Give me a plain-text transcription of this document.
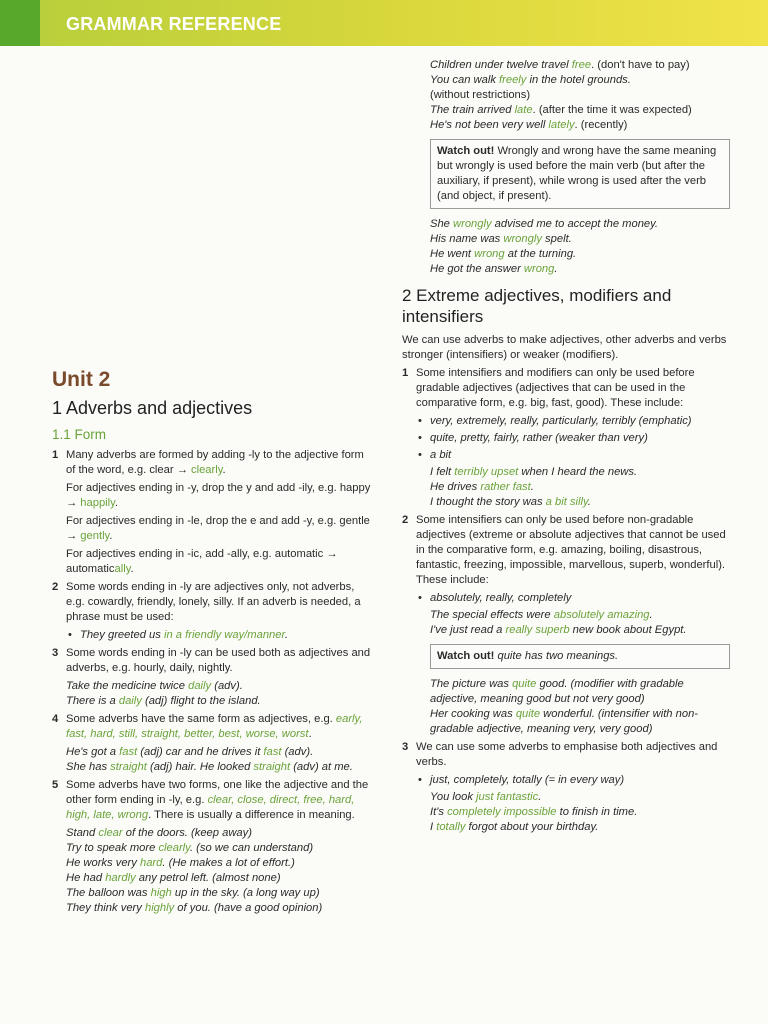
GRAMMAR REFERENCE
Unit 2
1 Adverbs and adjectives
1.1 Form
1 Many adverbs are formed by adding -ly to the adjective form of the word, e.g. clear → clearly.
For adjectives ending in -y, drop the y and add -ily, e.g. happy → happily.
For adjectives ending in -le, drop the e and add -y, e.g. gentle → gently.
For adjectives ending in -ic, add -ally, e.g. automatic → automatically.
2 Some words ending in -ly are adjectives only, not adverbs, e.g. cowardly, friendly, lonely, silly. If an adverb is needed, a phrase must be used:
• They greeted us in a friendly way/manner.
3 Some words ending in -ly can be used both as adjectives and adverbs, e.g. hourly, daily, nightly.
Take the medicine twice daily (adv).
There is a daily (adj) flight to the island.
4 Some adverbs have the same form as adjectives, e.g. early, fast, hard, still, straight, better, best, worse, worst.
He's got a fast (adj) car and he drives it fast (adv).
She has straight (adj) hair. He looked straight (adv) at me.
5 Some adverbs have two forms, one like the adjective and the other form ending in -ly, e.g. clear, close, direct, free, hard, high, late, wrong. There is usually a difference in meaning.
Stand clear of the doors. (keep away)
Try to speak more clearly. (so we can understand)
He works very hard. (He makes a lot of effort.)
He had hardly any petrol left. (almost none)
The balloon was high up in the sky. (a long way up)
They think very highly of you. (have a good opinion)
Children under twelve travel free. (don't have to pay)
You can walk freely in the hotel grounds.
(without restrictions)
The train arrived late. (after the time it was expected)
He's not been very well lately. (recently)
Watch out! Wrongly and wrong have the same meaning but wrongly is used before the main verb (but after the auxiliary, if present), while wrong is used after the verb (and object, if present).
She wrongly advised me to accept the money.
His name was wrongly spelt.
He went wrong at the turning.
He got the answer wrong.
2 Extreme adjectives, modifiers and intensifiers
We can use adverbs to make adjectives, other adverbs and verbs stronger (intensifiers) or weaker (modifiers).
1 Some intensifiers and modifiers can only be used before gradable adjectives (adjectives that can be used in the comparative form, e.g. big, fast, good). These include:
• very, extremely, really, particularly, terribly (emphatic)
• quite, pretty, fairly, rather (weaker than very)
• a bit
I felt terribly upset when I heard the news.
He drives rather fast.
I thought the story was a bit silly.
2 Some intensifiers can only be used before non-gradable adjectives (extreme or absolute adjectives that cannot be used in the comparative form, e.g. amazing, boiling, disastrous, fantastic, freezing, impossible, marvellous, superb, wonderful). These include:
• absolutely, really, completely
The special effects were absolutely amazing.
I've just read a really superb new book about Egypt.
Watch out! quite has two meanings.
The picture was quite good. (modifier with gradable adjective, meaning good but not very good)
Her cooking was quite wonderful. (intensifier with non-gradable adjective, meaning very, very good)
3 We can use some adverbs to emphasise both adjectives and verbs.
• just, completely, totally (= in every way)
You look just fantastic.
It's completely impossible to finish in time.
I totally forgot about your birthday.
